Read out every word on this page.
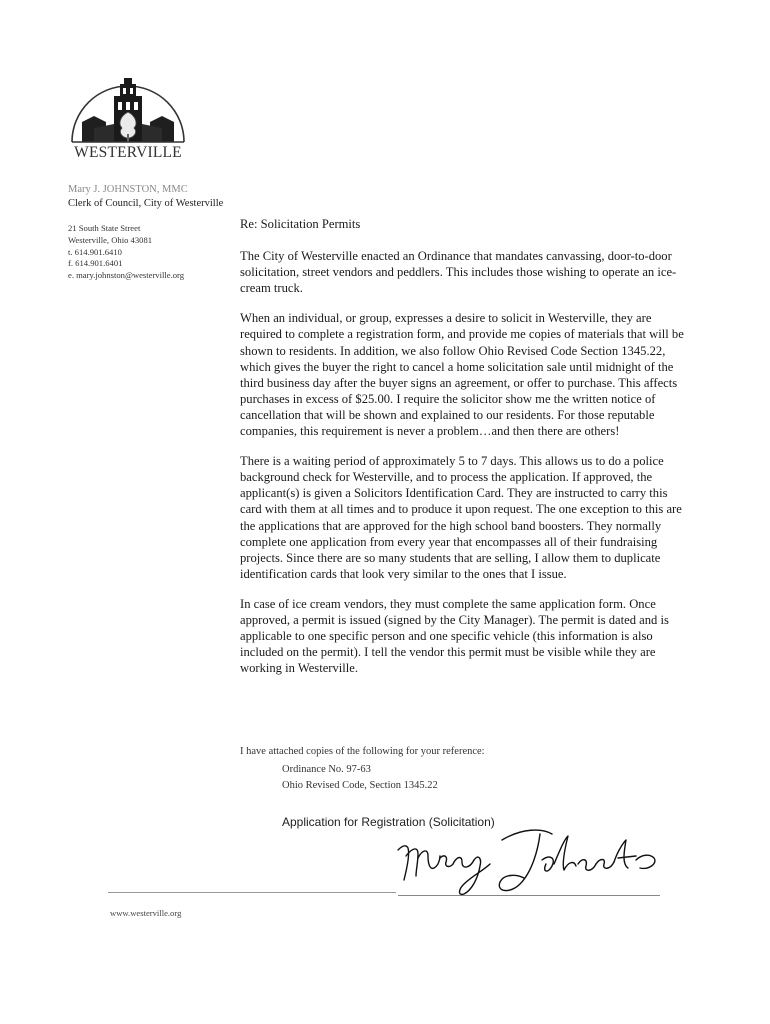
WESTERVILLE
Mary J. JOHNSTON, MMC
Clerk of Council, City of Westerville
21 South State Street
Westerville, Ohio 43081
t. 614.901.6410
f. 614.901.6401
e. mary.johnston@westerville.org
Re: Solicitation Permits

The City of Westerville enacted an Ordinance that mandates canvassing, door-to-door solicitation, street vendors and peddlers. This includes those wishing to operate an ice-cream truck.

When an individual, or group, expresses a desire to solicit in Westerville, they are required to complete a registration form, and provide me copies of materials that will be shown to residents. In addition, we also follow Ohio Revised Code Section 1345.22, which gives the buyer the right to cancel a home solicitation sale until midnight of the third business day after the buyer signs an agreement, or offer to purchase. This affects purchases in excess of $25.00. I require the solicitor show me the written notice of cancellation that will be shown and explained to our residents. For those reputable companies, this requirement is never a problem…and then there are others!

There is a waiting period of approximately 5 to 7 days. This allows us to do a police background check for Westerville, and to process the application. If approved, the applicant(s) is given a Solicitors Identification Card. They are instructed to carry this card with them at all times and to produce it upon request. The one exception to this are the applications that are approved for the high school band boosters. They normally complete one application from every year that encompasses all of their fundraising projects. Since there are so many students that are selling, I allow them to duplicate identification cards that look very similar to the ones that I issue.

In case of ice cream vendors, they must complete the same application form. Once approved, a permit is issued (signed by the City Manager). The permit is dated and is applicable to one specific person and one specific vehicle (this information is also included on the permit). I tell the vendor this permit must be visible while they are working in Westerville.

I have attached copies of the following for your reference:
Ordinance No. 97-63
Ohio Revised Code, Section 1345.22
Application for Registration (Solicitation)
www.westerville.org
